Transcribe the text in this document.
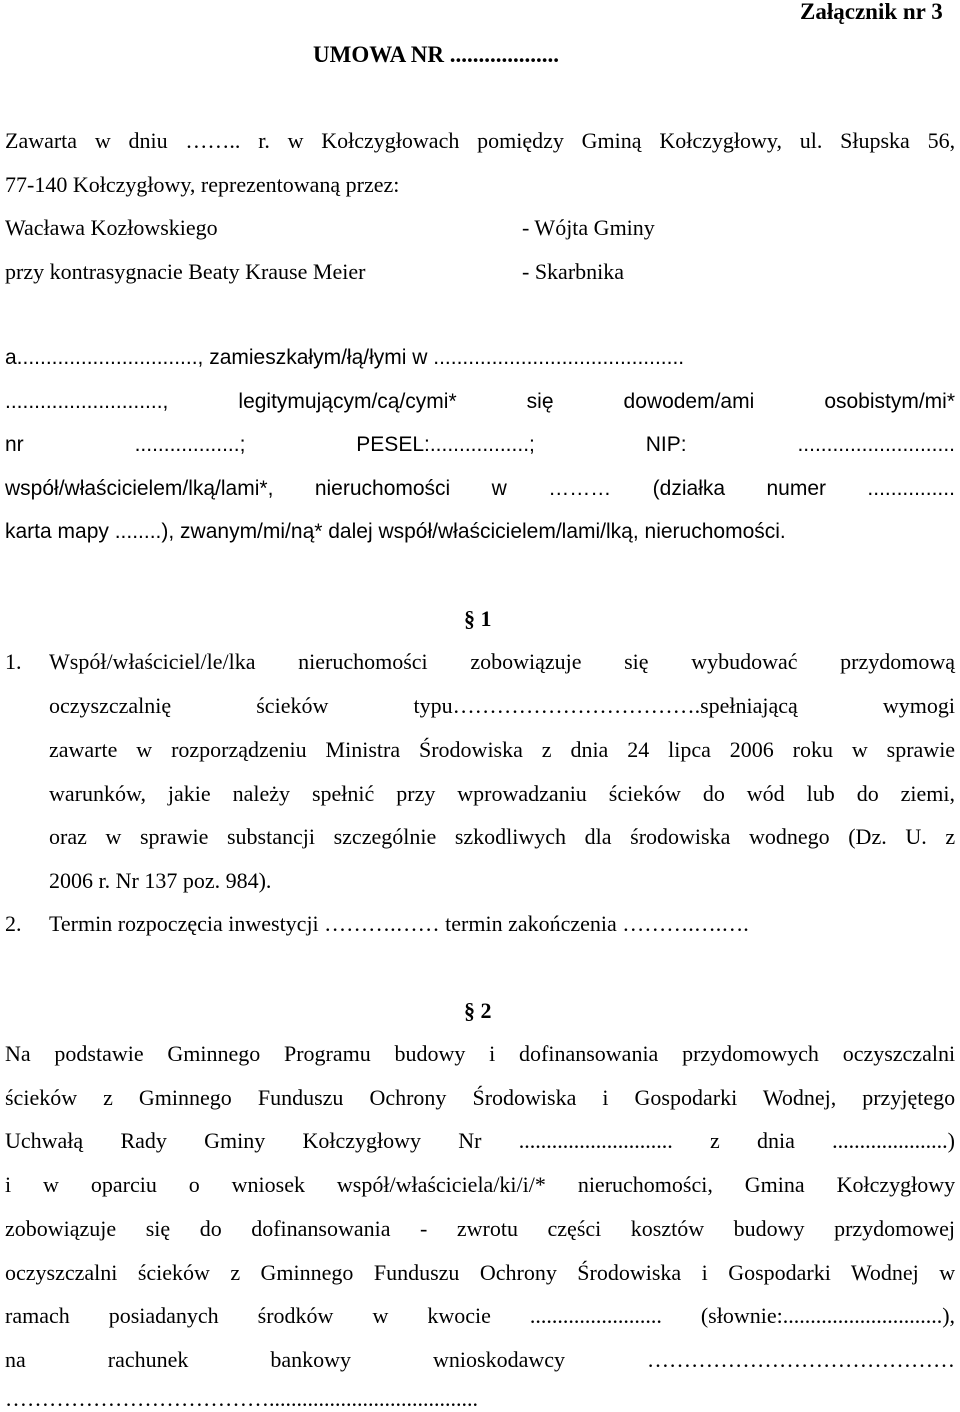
Załącznik nr 3
UMOWA NR ...................
Zawarta w dniu …….. r. w Kołczygłowach pomiędzy Gminą Kołczygłowy, ul. Słupska 56,
77-140 Kołczygłowy, reprezentowaną przez:
Wacława Kozłowskiego	- Wójta Gminy
przy kontrasygnacie Beaty Krause Meier	- Skarbnika
a..............................., zamieszkałym/łą/łymi w ...........................................
...........................,	legitymującym/cą/cymi*	się	dowodem/ami	osobistym/mi*
nr	..................;	PESEL:.................;	NIP:	...........................
współ/właścicielem/lką/lami*, nieruchomości w ……… (działka numer ...............
karta mapy ........), zwanym/mi/ną* dalej współ/właścicielem/lami/lką, nieruchomości.
§ 1
1. Współ/właściciel/le/lka nieruchomości zobowiązuje się wybudować przydomową
oczyszczalnię	ścieków	typu…………………………….spełniającą	wymogi
zawarte w rozporządzeniu Ministra Środowiska z dnia 24 lipca 2006 roku w sprawie
warunków, jakie należy spełnić przy wprowadzaniu ścieków do wód lub do ziemi,
oraz w sprawie substancji szczególnie szkodliwych dla środowiska wodnego (Dz. U. z
2006 r. Nr 137 poz. 984).
2. Termin rozpoczęcia inwestycji ……….…… termin zakończenia ……….….….
§ 2
Na podstawie Gminnego Programu budowy i dofinansowania przydomowych oczyszczalni
ścieków z Gminnego Funduszu Ochrony Środowiska i Gospodarki Wodnej, przyjętego
Uchwałą Rady Gminy Kołczygłowy Nr ............................ z dnia .....................)
i w oparciu o wniosek współ/właściciela/ki/i/* nieruchomości, Gmina Kołczygłowy
zobowiązuje się do dofinansowania - zwrotu części kosztów budowy przydomowej
oczyszczalni ścieków z Gminnego Funduszu Ochrony Środowiska i Gospodarki Wodnej w
ramach posiadanych środków w kwocie ........................ (słownie:.............................),
na	rachunek	bankowy	wnioskodawcy	……………………………………
………………………………......................................
